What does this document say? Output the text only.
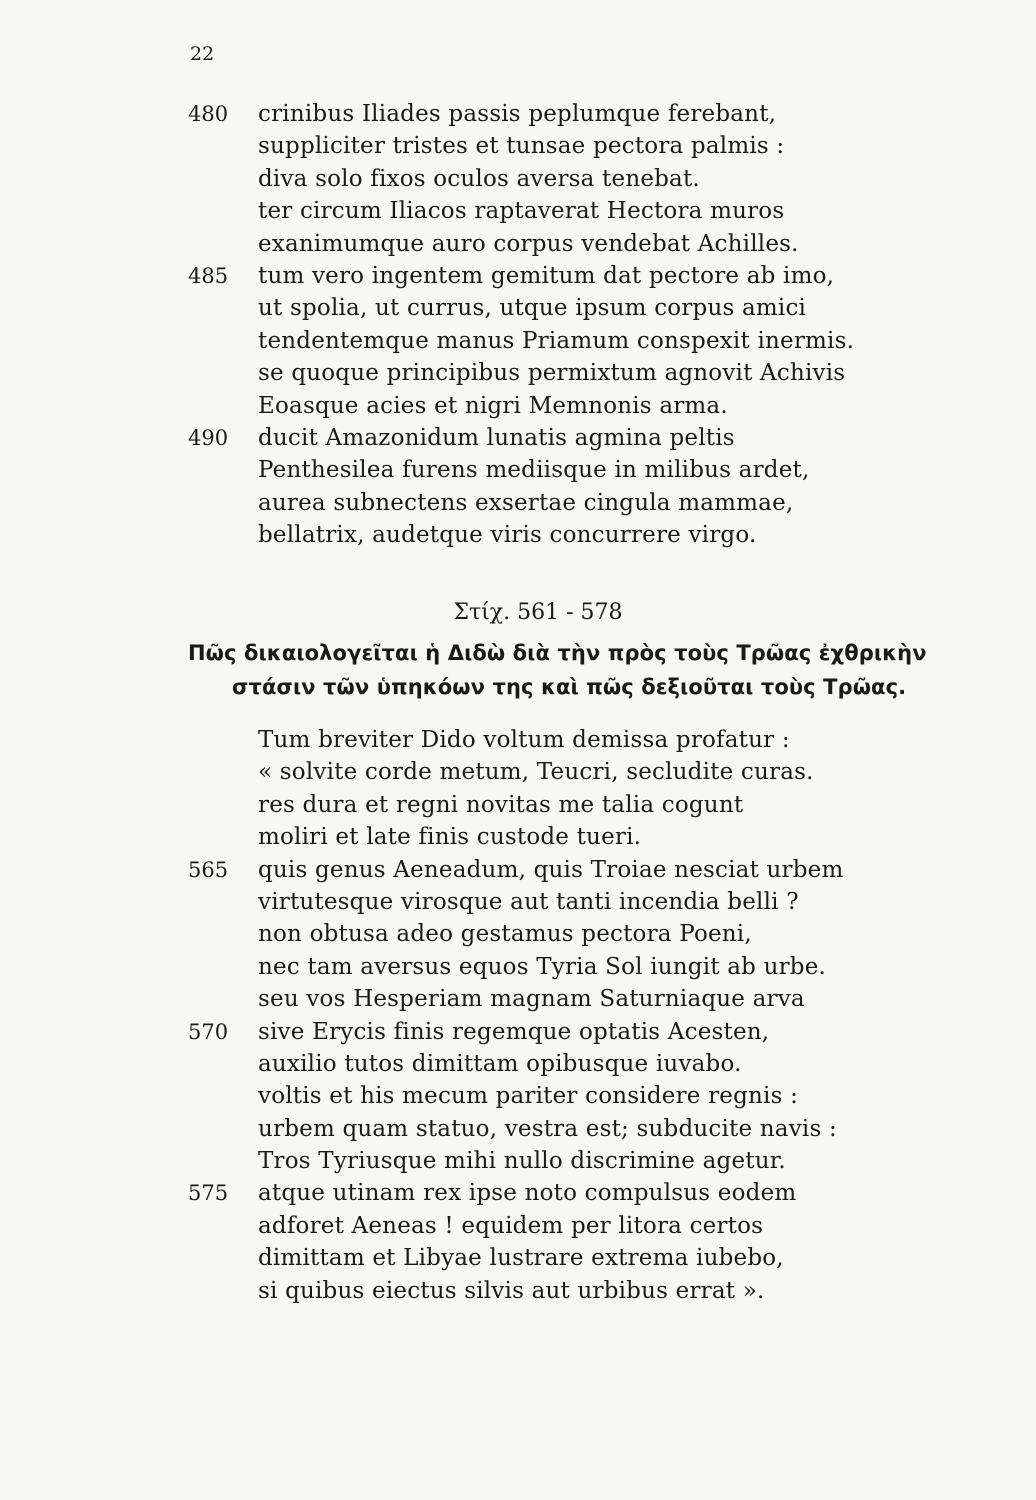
22
480 crinibus Iliades passis peplumque ferebant,
suppliciter tristes et tunsae pectora palmis :
diva solo fixos oculos aversa tenebat.
ter circum Iliacos raptaverat Hectora muros
exanimumque auro corpus vendebat Achilles.
485 tum vero ingentem gemitum dat pectore ab imo,
ut spolia, ut currus, utque ipsum corpus amici
tendentemque manus Priamum conspexit inermis.
se quoque principibus permixtum agnovit Achivis
Eoasque acies et nigri Memnonis arma.
490 ducit Amazonidum lunatis agmina peltis
Penthesilea furens mediisque in milibus ardet,
aurea subnectens exsertae cingula mammae,
bellatrix, audetque viris concurrere virgo.
Στίχ. 561 - 578
Πῶς δικαιολογεῖται ἡ Διδὼ διὰ τὴν πρὸς τοὺς Τρῶας ἐχθρικὴν
στάσιν τῶν ὑπηκόων της καὶ πῶς δεξιοῦται τοὺς Τρῶας.
Tum breviter Dido voltum demissa profatur :
« solvite corde metum, Teucri, secludite curas.
res dura et regni novitas me talia cogunt
moliri et late finis custode tueri.
565 quis genus Aeneadum, quis Troiae nesciat urbem
virtutesque virosque aut tanti incendia belli ?
non obtusa adeo gestamus pectora Poeni,
nec tam aversus equos Tyria Sol iungit ab urbe.
seu vos Hesperiam magnam Saturniaque arva
570 sive Erycis finis regemque optatis Acesten,
auxilio tutos dimittam opibusque iuvabo.
voltis et his mecum pariter considere regnis :
urbem quam statuo, vestra est; subducite navis :
Tros Tyriusque mihi nullo discrimine agetur.
575 atque utinam rex ipse noto compulsus eodem
adforet Aeneas ! equidem per litora certos
dimittam et Libyae lustrare extrema iubebo,
si quibus eiectus silvis aut urbibus errat ».
